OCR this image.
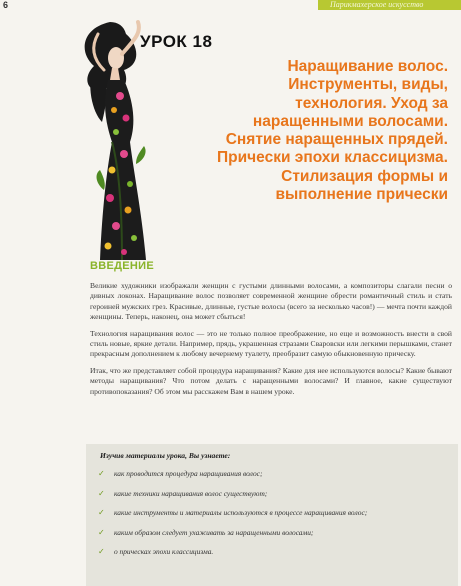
6	Парикмахерское искусство
УРОК 18
Наращивание волос. Инструменты, виды, технология. Уход за наращенными волосами. Снятие наращенных прядей. Прически эпохи классицизма. Стилизация формы и выполнение прически
ВВЕДЕНИЕ

Великие художники изображали женщин с густыми длинными волосами, а композиторы слагали песни о дивных локонах. Наращивание волос позволяет современной женщине обрести романтичный стиль и стать героиней мужских грез. Красивые, длинные, густые волосы (всего за несколько часов!) — мечта почти каждой женщины. Теперь, наконец, она может сбыться!

Технология наращивания волос — это не только полное преображение, но еще и возможность внести в свой стиль новые, яркие детали. Например, прядь, украшенная стразами Сваровски или легкими перышками, станет прекрасным дополнением к любому вечернему туалету, преобразит самую обыкновенную прическу.

Итак, что же представляет собой процедура наращивания? Какие для нее используются волосы? Какие бывают методы наращивания? Что потом делать с наращенными волосами? И главное, какие существуют противопоказания? Об этом мы расскажем Вам в нашем уроке.

Изучив материалы урока, Вы узнаете:
✓ как проводится процедура наращивания волос;
✓ какие техники наращивания волос существуют;
✓ какие инструменты и материалы используются в процессе наращивания волос;
✓ каким образом следует ухаживать за наращенными волосами;
✓ о прическах эпохи классицизма.
